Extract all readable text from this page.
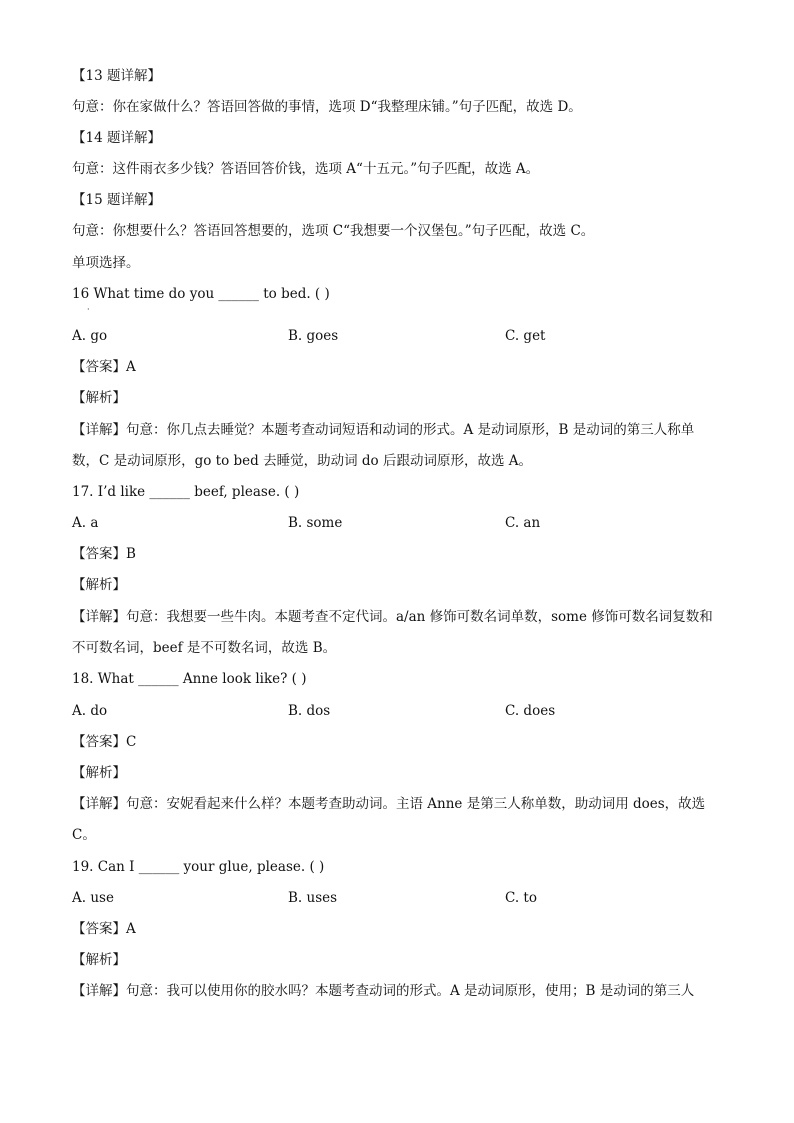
【13 题详解】
句意：你在家做什么？答语回答做的事情，选项 D“我整理床铺。”句子匹配，故选 D。
【14 题详解】
句意：这件雨衣多少钱？答语回答价钱，选项 A“十五元。”句子匹配，故选 A。
【15 题详解】
句意：你想要什么？答语回答想要的，选项 C“我想要一个汉堡包。”句子匹配，故选 C。
单项选择。
16 What time do you ______ to bed. ( )
·
A. go	B. goes	C. get
【答案】A
【解析】
【详解】句意：你几点去睡觉？本题考查动词短语和动词的形式。A 是动词原形，B 是动词的第三人称单
数，C 是动词原形，go to bed 去睡觉，助动词 do 后跟动词原形，故选 A。
17. I’d like ______ beef, please. ( )
A. a	B. some	C. an
【答案】B
【解析】
【详解】句意：我想要一些牛肉。本题考查不定代词。a/an 修饰可数名词单数，some 修饰可数名词复数和
不可数名词，beef 是不可数名词，故选 B。
18. What ______ Anne look like? ( )
A. do	B. dos	C. does
【答案】C
【解析】
【详解】句意：安妮看起来什么样？本题考查助动词。主语 Anne 是第三人称单数，助动词用 does，故选
C。
19. Can I ______ your glue, please. ( )
A. use	B. uses	C. to
【答案】A
【解析】
【详解】句意：我可以使用你的胶水吗？本题考查动词的形式。A 是动词原形，使用；B 是动词的第三人
